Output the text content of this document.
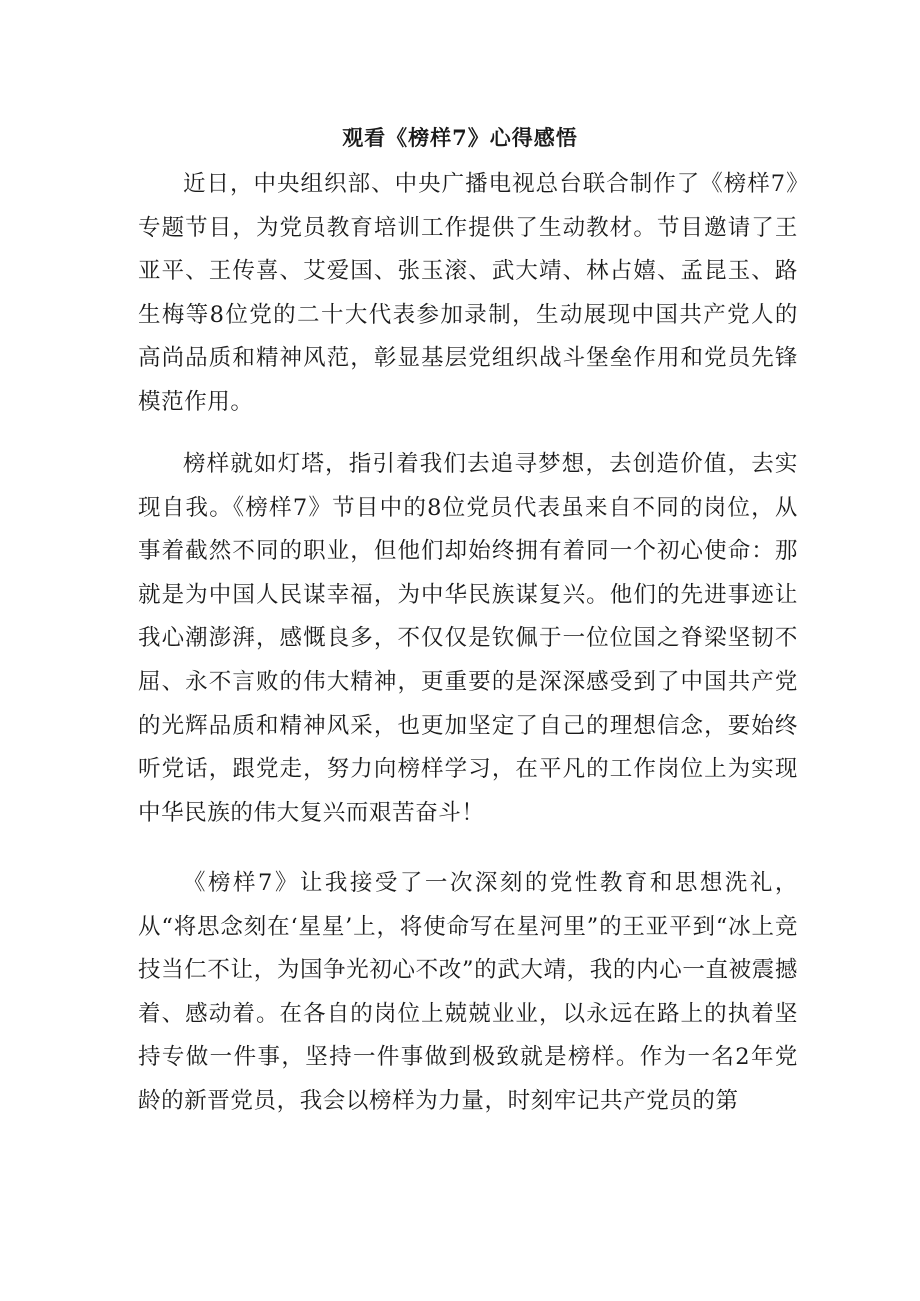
观看《榜样7》心得感悟

近日，中央组织部、中央广播电视总台联合制作了《榜样7》专题节目，为党员教育培训工作提供了生动教材。节目邀请了王亚平、王传喜、艾爱国、张玉滚、武大靖、林占嬉、孟昆玉、路生梅等8位党的二十大代表参加录制，生动展现中国共产党人的高尚品质和精神风范，彰显基层党组织战斗堡垒作用和党员先锋模范作用。

榜样就如灯塔，指引着我们去追寻梦想，去创造价值，去实现自我。《榜样7》节目中的8位党员代表虽来自不同的岗位，从事着截然不同的职业，但他们却始终拥有着同一个初心使命：那就是为中国人民谋幸福，为中华民族谋复兴。他们的先进事迹让我心潮澎湃，感慨良多，不仅仅是钦佩于一位位国之脊梁坚韧不屈、永不言败的伟大精神，更重要的是深深感受到了中国共产党的光辉品质和精神风采，也更加坚定了自己的理想信念，要始终听党话，跟党走，努力向榜样学习，在平凡的工作岗位上为实现中华民族的伟大复兴而艰苦奋斗！

《榜样7》让我接受了一次深刻的党性教育和思想洗礼，从“将思念刻在‘星星’上，将使命写在星河里”的王亚平到“冰上竞技当仁不让，为国争光初心不改”的武大靖，我的内心一直被震撼着、感动着。在各自的岗位上兢兢业业，以永远在路上的执着坚持专做一件事，坚持一件事做到极致就是榜样。作为一名2年党龄的新晋党员，我会以榜样为力量，时刻牢记共产党员的第
